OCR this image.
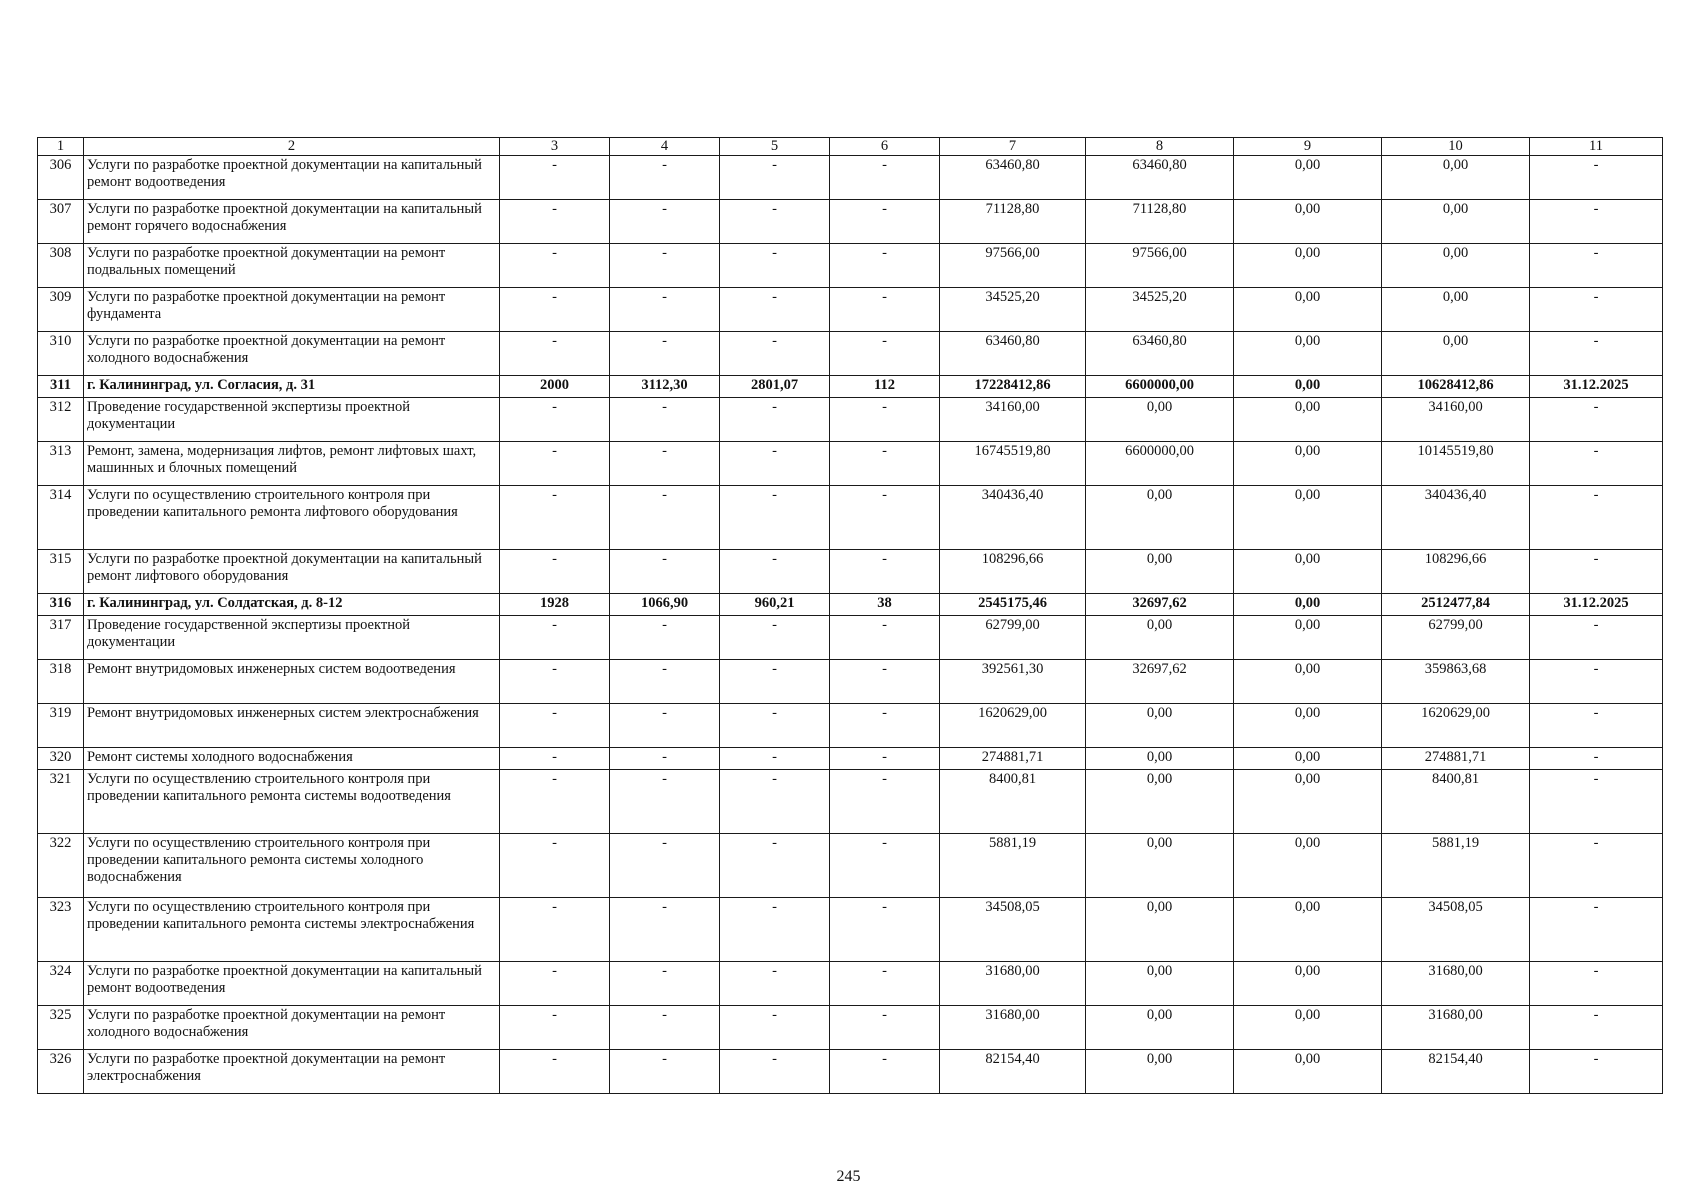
1	2	3	4	5	6	7	8	9	10	11
306	Услуги по разработке проектной документации на капитальный ремонт водоотведения	-	-	-	-	63460,80	63460,80	0,00	0,00	-
307	Услуги по разработке проектной документации на капитальный ремонт горячего водоснабжения	-	-	-	-	71128,80	71128,80	0,00	0,00	-
308	Услуги по разработке проектной документации на ремонт подвальных помещений	-	-	-	-	97566,00	97566,00	0,00	0,00	-
309	Услуги по разработке проектной документации на ремонт фундамента	-	-	-	-	34525,20	34525,20	0,00	0,00	-
310	Услуги по разработке проектной документации на ремонт холодного водоснабжения	-	-	-	-	63460,80	63460,80	0,00	0,00	-
311	г. Калининград, ул. Согласия, д. 31	2000	3112,30	2801,07	112	17228412,86	6600000,00	0,00	10628412,86	31.12.2025
312	Проведение государственной экспертизы проектной документации	-	-	-	-	34160,00	0,00	0,00	34160,00	-
313	Ремонт, замена, модернизация лифтов, ремонт лифтовых шахт, машинных и блочных помещений	-	-	-	-	16745519,80	6600000,00	0,00	10145519,80	-
314	Услуги по осуществлению строительного контроля при проведении капитального ремонта лифтового оборудования	-	-	-	-	340436,40	0,00	0,00	340436,40	-
315	Услуги по разработке проектной документации на капитальный ремонт лифтового оборудования	-	-	-	-	108296,66	0,00	0,00	108296,66	-
316	г. Калининград, ул. Солдатская, д. 8-12	1928	1066,90	960,21	38	2545175,46	32697,62	0,00	2512477,84	31.12.2025
317	Проведение государственной экспертизы проектной документации	-	-	-	-	62799,00	0,00	0,00	62799,00	-
318	Ремонт внутридомовых инженерных систем водоотведения	-	-	-	-	392561,30	32697,62	0,00	359863,68	-
319	Ремонт внутридомовых инженерных систем электроснабжения	-	-	-	-	1620629,00	0,00	0,00	1620629,00	-
320	Ремонт системы холодного водоснабжения	-	-	-	-	274881,71	0,00	0,00	274881,71	-
321	Услуги по осуществлению строительного контроля при проведении капитального ремонта системы водоотведения	-	-	-	-	8400,81	0,00	0,00	8400,81	-
322	Услуги по осуществлению строительного контроля при проведении капитального ремонта системы холодного водоснабжения	-	-	-	-	5881,19	0,00	0,00	5881,19	-
323	Услуги по осуществлению строительного контроля при проведении капитального ремонта системы электроснабжения	-	-	-	-	34508,05	0,00	0,00	34508,05	-
324	Услуги по разработке проектной документации на капитальный ремонт водоотведения	-	-	-	-	31680,00	0,00	0,00	31680,00	-
325	Услуги по разработке проектной документации на ремонт холодного водоснабжения	-	-	-	-	31680,00	0,00	0,00	31680,00	-
326	Услуги по разработке проектной документации на ремонт электроснабжения	-	-	-	-	82154,40	0,00	0,00	82154,40	-
245
